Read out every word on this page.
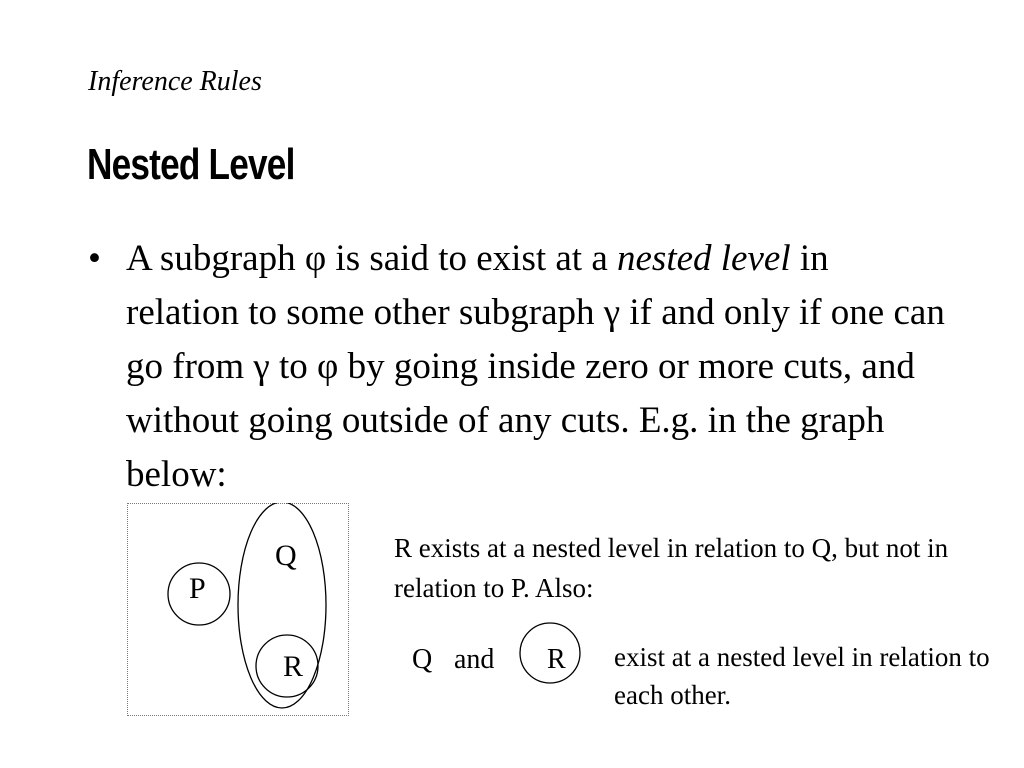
Inference Rules
Nested Level
• A subgraph φ is said to exist at a nested level in relation to some other subgraph γ if and only if one can go from γ to φ by going inside zero or more cuts, and without going outside of any cuts. E.g. in the graph below:
P
Q
R
R exists at a nested level in relation to Q, but not in relation to P. Also:
Q and R exist at a nested level in relation to each other.
